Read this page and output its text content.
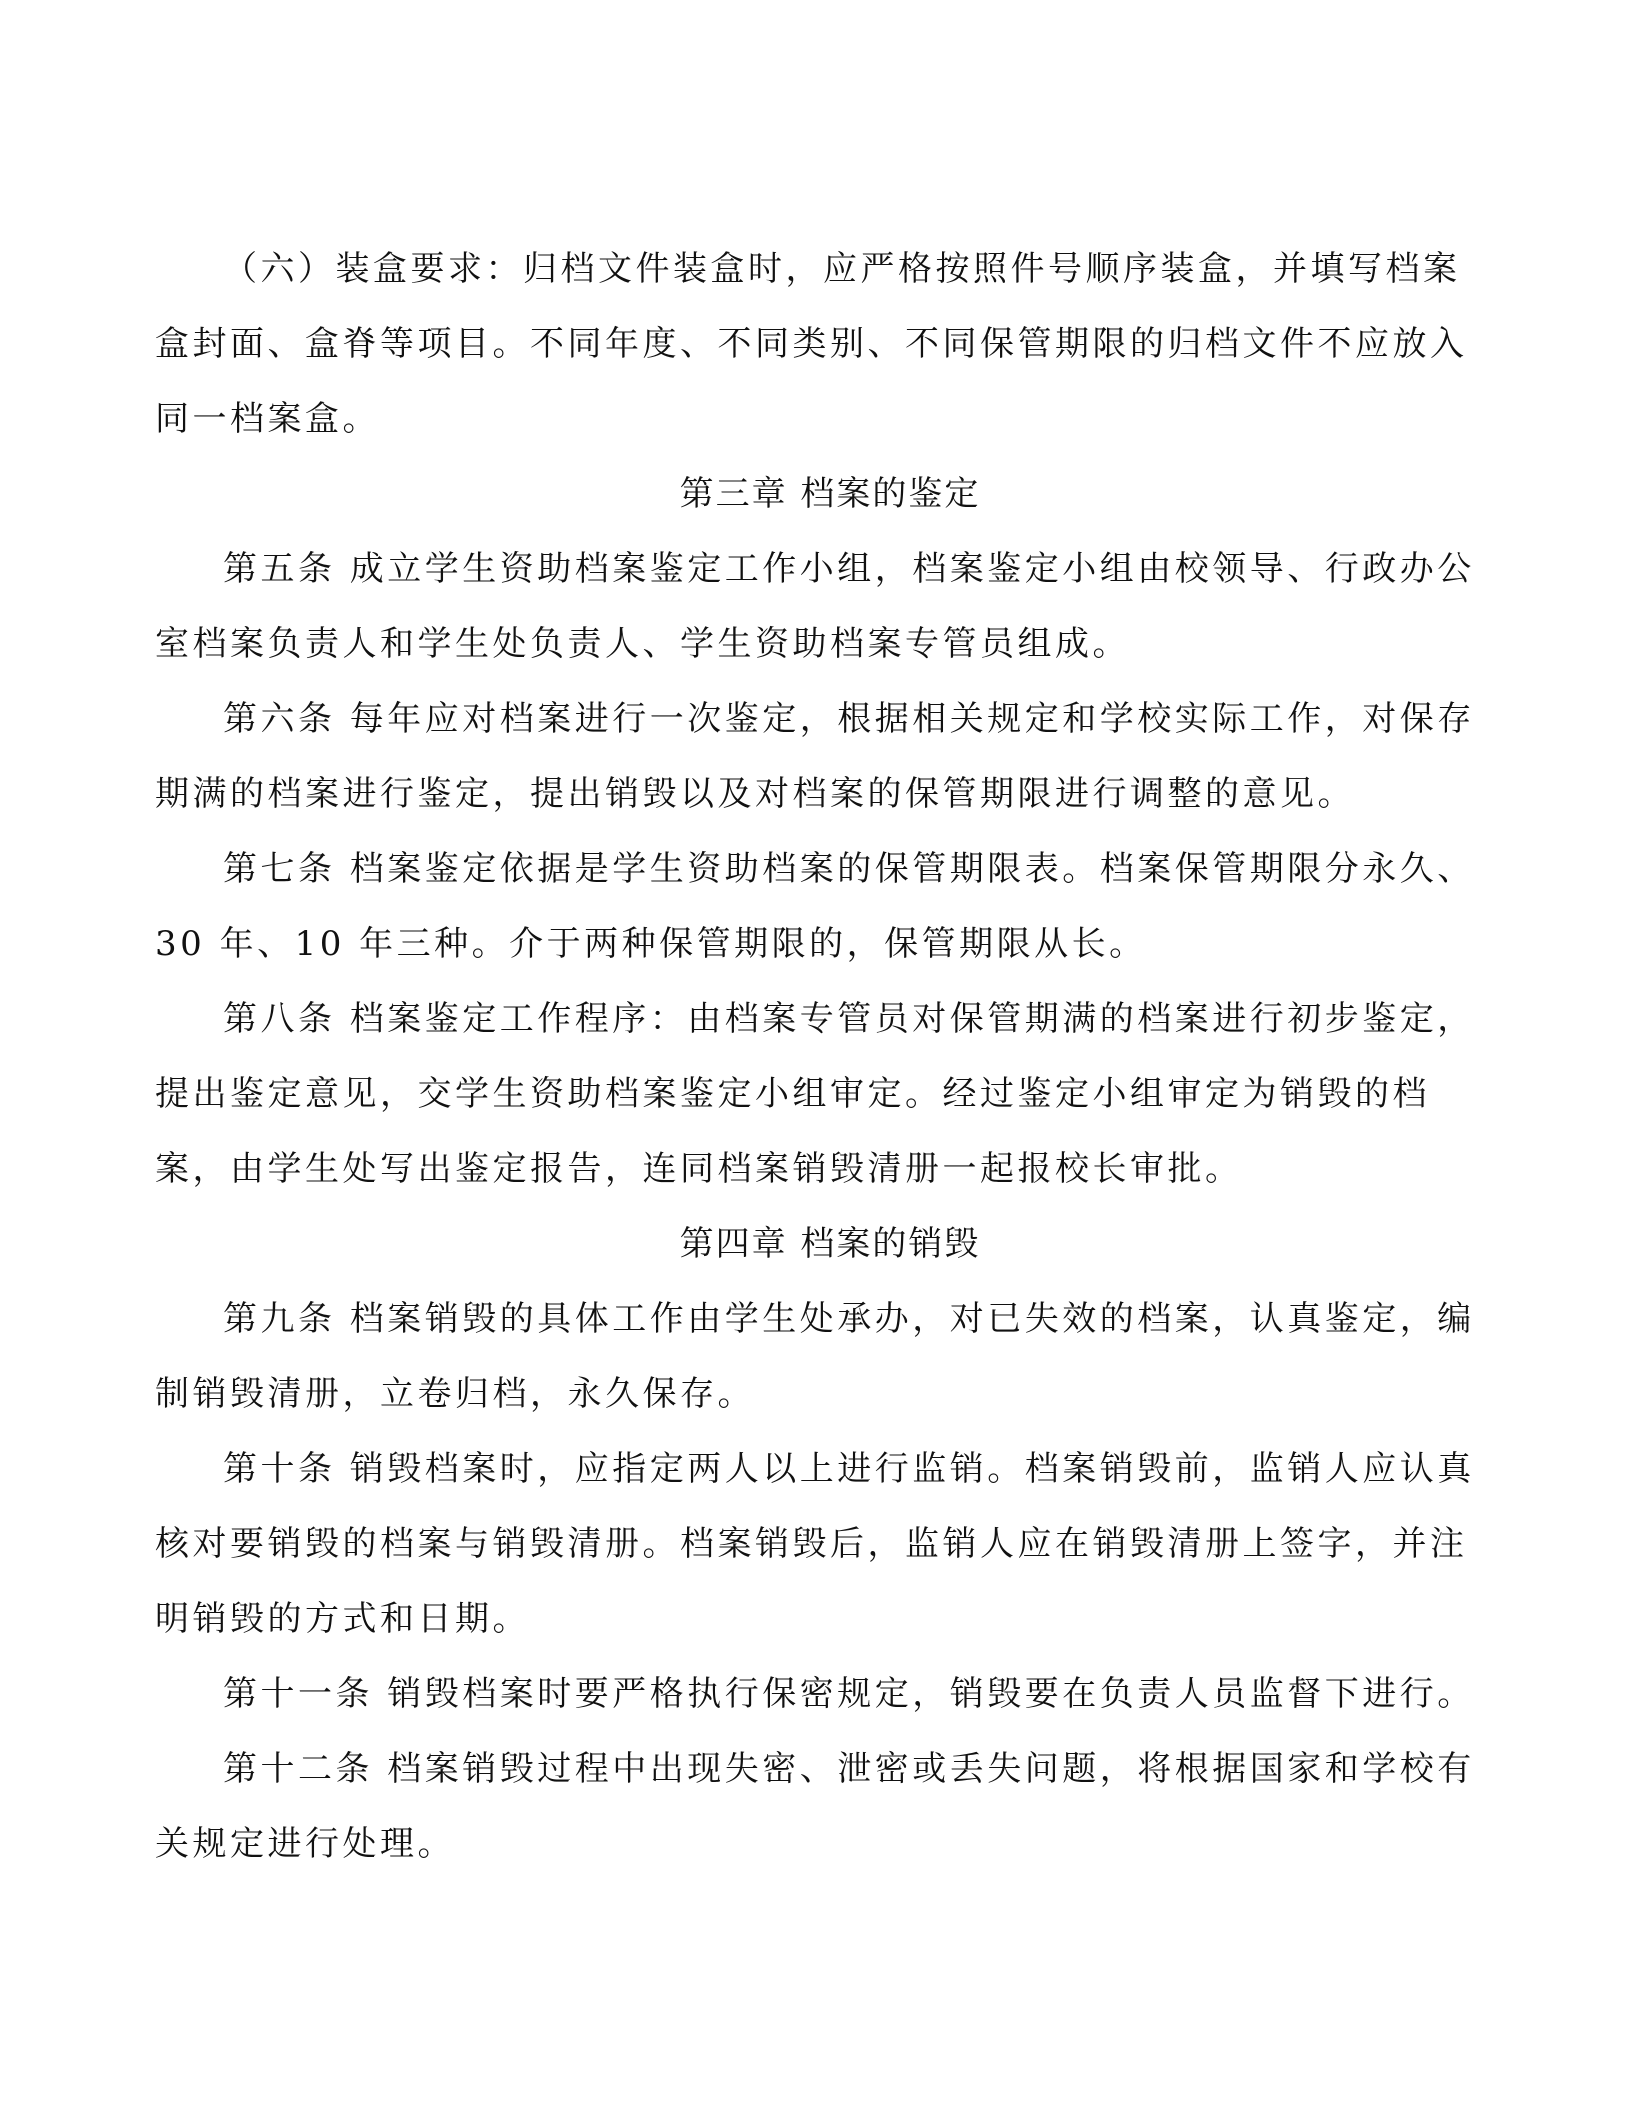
（六）装盒要求：归档文件装盒时，应严格按照件号顺序装盒，并填写档案
盒封面、盒脊等项目。不同年度、不同类别、不同保管期限的归档文件不应放入
同一档案盒。
第三章 档案的鉴定
第五条 成立学生资助档案鉴定工作小组，档案鉴定小组由校领导、行政办公
室档案负责人和学生处负责人、学生资助档案专管员组成。
第六条 每年应对档案进行一次鉴定，根据相关规定和学校实际工作，对保存
期满的档案进行鉴定，提出销毁以及对档案的保管期限进行调整的意见。
第七条 档案鉴定依据是学生资助档案的保管期限表。档案保管期限分永久、
30 年、10 年三种。介于两种保管期限的，保管期限从长。
第八条 档案鉴定工作程序：由档案专管员对保管期满的档案进行初步鉴定，
提出鉴定意见，交学生资助档案鉴定小组审定。经过鉴定小组审定为销毁的档
案，由学生处写出鉴定报告，连同档案销毁清册一起报校长审批。
第四章 档案的销毁
第九条 档案销毁的具体工作由学生处承办，对已失效的档案，认真鉴定，编
制销毁清册，立卷归档，永久保存。
第十条 销毁档案时，应指定两人以上进行监销。档案销毁前，监销人应认真
核对要销毁的档案与销毁清册。档案销毁后，监销人应在销毁清册上签字，并注
明销毁的方式和日期。
第十一条 销毁档案时要严格执行保密规定，销毁要在负责人员监督下进行。
第十二条 档案销毁过程中出现失密、泄密或丢失问题，将根据国家和学校有
关规定进行处理。
